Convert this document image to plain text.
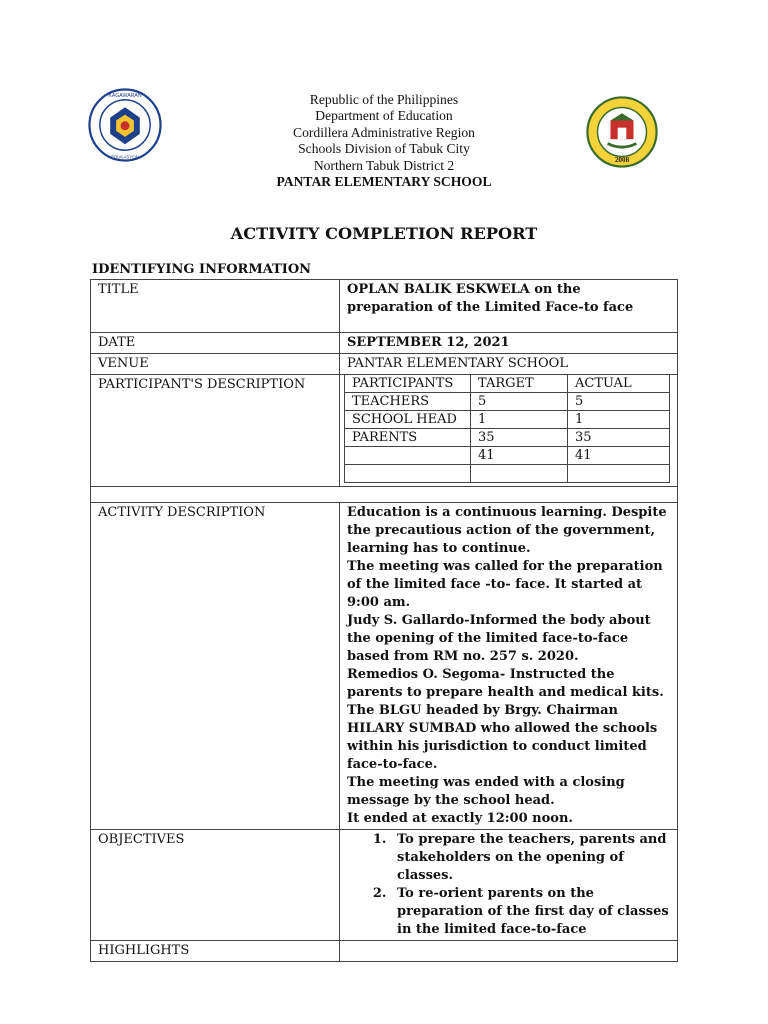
KAGAWARAN
EDUKASYON	2008
Republic of the Philippines
Department of Education
Cordillera Administrative Region
Schools Division of Tabuk City
Northern Tabuk District 2
PANTAR ELEMENTARY SCHOOL
ACTIVITY COMPLETION REPORT
IDENTIFYING INFORMATION
TITLE	OPLAN BALIK ESKWELA on the preparation of the Limited Face-to face
DATE	SEPTEMBER 12, 2021
VENUE	PANTAR ELEMENTARY SCHOOL
PARTICIPANT'S DESCRIPTION		PARTICIPANTS	TARGET	ACTUAL
TEACHERS	5	5
SCHOOL HEAD	1	1
PARENTS	35	35
	41	41

ACTIVITY DESCRIPTION	Education is a continuous learning. Despite the precautious action of the government, learning has to continue.
The meeting was called for the preparation of the limited face -to- face. It started at 9:00 am.
Judy S. Gallardo-Informed the body about the opening of the limited face-to-face based from RM no. 257 s. 2020.
Remedios O. Segoma- Instructed the parents to prepare health and medical kits.
The BLGU headed by Brgy. Chairman HILARY SUMBAD who allowed the schools within his jurisdiction to conduct limited face-to-face.
The meeting was ended with a closing message by the school head.
It ended at exactly 12:00 noon.

OBJECTIVES	
1.To prepare the teachers, parents and stakeholders on the opening of classes.
2. To re-orient parents on the preparation of the first day of classes in the limited face-to-face

HIGHLIGHTS	
